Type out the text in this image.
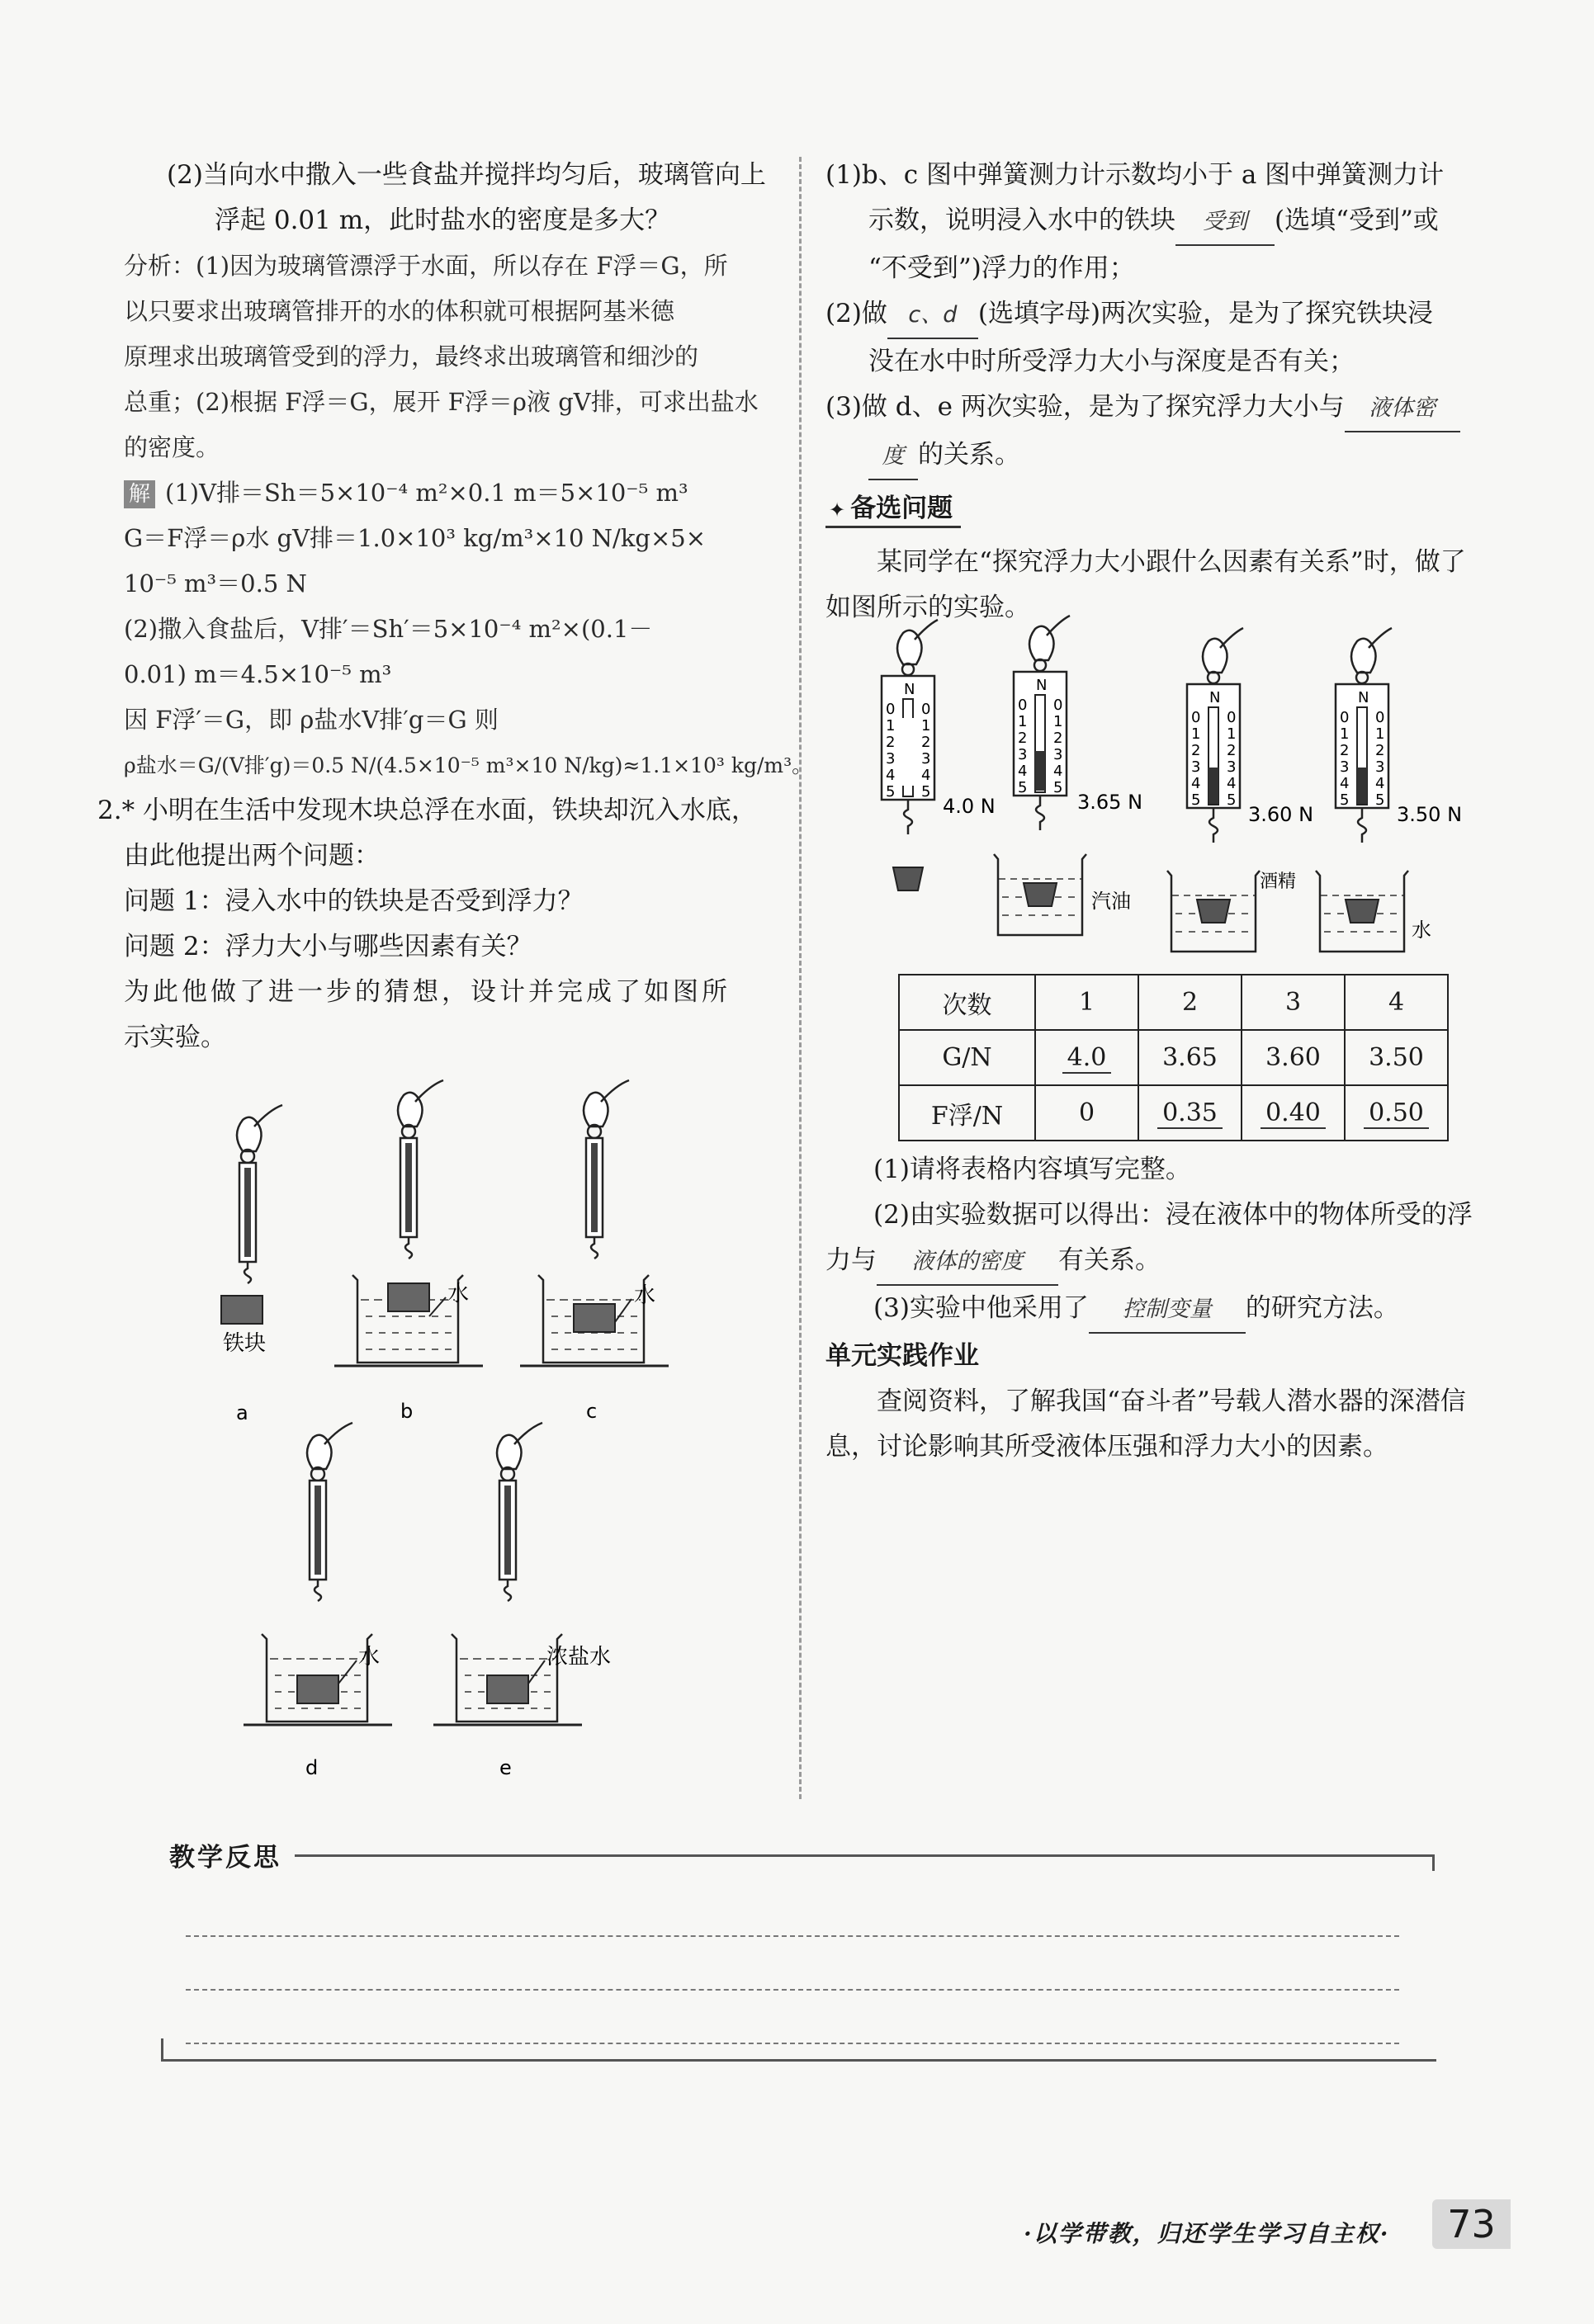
(2)当向水中撒入一些食盐并搅拌均匀后，玻璃管向上

浮起 0.01 m，此时盐水的密度是多大？

分析：(1)因为玻璃管漂浮于水面，所以存在 F浮＝G，所

以只要求出玻璃管排开的水的体积就可根据阿基米德

原理求出玻璃管受到的浮力，最终求出玻璃管和细沙的

总重；(2)根据 F浮＝G，展开 F浮＝ρ液 gV排，可求出盐水

的密度。

解 (1)V排＝Sh＝5×10⁻⁴ m²×0.1 m＝5×10⁻⁵ m³

G＝F浮＝ρ水 gV排＝1.0×10³ kg/m³×10 N/kg×5×

10⁻⁵ m³＝0.5 N

(2)撒入食盐后，V排′＝Sh′＝5×10⁻⁴ m²×(0.1－

0.01) m＝4.5×10⁻⁵ m³

因 F浮′＝G，即 ρ盐水V排′g＝G 则

ρ盐水＝G/(V排′g)＝0.5 N/(4.5×10⁻⁵ m³×10 N/kg)≈1.1×10³ kg/m³。

2.* 小明在生活中发现木块总浮在水面，铁块却沉入水底，

由此他提出两个问题：

问题 1：浸入水中的铁块是否受到浮力？

问题 2：浮力大小与哪些因素有关？

为此他做了进一步的猜想，设计并完成了如图所

示实验。

铁块
a
水
b
水
c
水
d
浓盐水
e

(1)b、c 图中弹簧测力计示数均小于 a 图中弹簧测力计

示数，说明浸入水中的铁块 受到 (选填“受到”或

“不受到”)浮力的作用；

(2)做 c、d (选填字母)两次实验，是为了探究铁块浸

没在水中时所受浮力大小与深度是否有关；

(3)做 d、e 两次实验，是为了探究浮力大小与 液体密

度 的关系。

✦ 备选问题

某同学在“探究浮力大小跟什么因素有关系”时，做了

如图所示的实验。

N
0
1
2
3
4
5
0
4.0 N
汽油
3.65 N
酒精
3.60 N
水
3.50 N
次数	1	2	3	4
G/N	4.0	3.65	3.60	3.50
F浮/N	0	0.35	0.40	0.50

(1)请将表格内容填写完整。

(2)由实验数据可以得出：浸在液体中的物体所受的浮

力与 液体的密度 有关系。

(3)实验中他采用了 控制变量 的研究方法。

单元实践作业

查阅资料，了解我国“奋斗者”号载人潜水器的深潜信

息，讨论影响其所受液体压强和浮力大小的因素。

教学反思
·以学带教，归还学生学习自主权·	73
